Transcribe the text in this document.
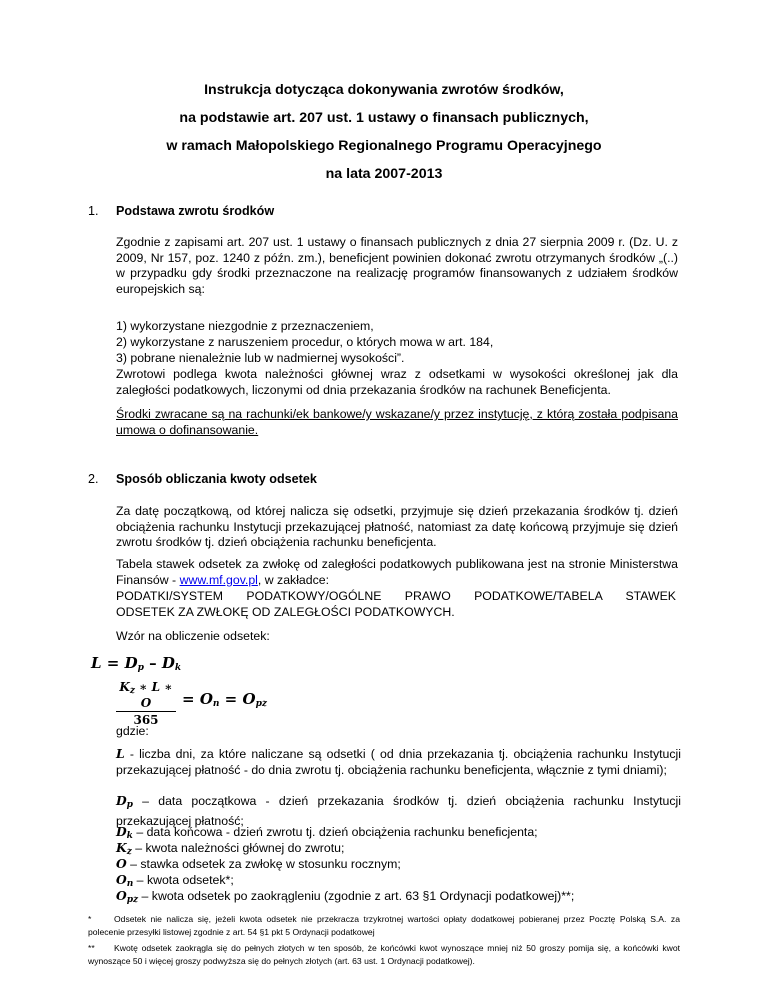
Instrukcja dotycząca dokonywania zwrotów środków,
na podstawie art. 207 ust. 1 ustawy o finansach publicznych,
w ramach Małopolskiego Regionalnego Programu Operacyjnego
na lata 2007-2013
1. Podstawa zwrotu środków

Zgodnie z zapisami art. 207 ust. 1 ustawy o finansach publicznych z dnia 27 sierpnia 2009 r. (Dz. U. z 2009, Nr 157, poz. 1240 z późn. zm.), beneficjent powinien dokonać zwrotu otrzymanych środków „(..) w przypadku gdy środki przeznaczone na realizację programów finansowanych z udziałem środków europejskich są:

1) wykorzystane niezgodnie z przeznaczeniem,
2) wykorzystane z naruszeniem procedur, o których mowa w art. 184,
3) pobrane nienależnie lub w nadmiernej wysokości”.

Zwrotowi podlega kwota należności głównej wraz z odsetkami w wysokości określonej jak dla zaległości podatkowych, liczonymi od dnia przekazania środków na rachunek Beneficjenta.

Środki zwracane są na rachunki/ek bankowe/y wskazane/y przez instytucję, z którą została podpisana umowa o dofinansowanie.

2. Sposób obliczania kwoty odsetek

Za datę początkową, od której nalicza się odsetki, przyjmuje się dzień przekazania środków tj. dzień obciążenia rachunku Instytucji przekazującej płatność, natomiast za datę końcową przyjmuje się dzień zwrotu środków tj. dzień obciążenia rachunku beneficjenta.

Tabela stawek odsetek za zwłokę od zaległości podatkowych publikowana jest na stronie Ministerstwa Finansów - www.mf.gov.pl, w zakładce:

PODATKI/SYSTEM PODATKOWY/OGÓLNE PRAWO PODATKOWE/TABELA STAWEK
ODSETEK ZA ZWŁOKĘ OD ZALEGŁOŚCI PODATKOWYCH.
Wzór na obliczenie odsetek:
$L = D_p - D_k$
$\frac{K_z ∗ L ∗ O}{365} = O_n = O_{pz}$
gdzie:

L - liczba dni, za które naliczane są odsetki ( od dnia przekazania tj. obciążenia rachunku Instytucji przekazującej płatność - do dnia zwrotu tj. obciążenia rachunku beneficjenta, włącznie z tymi dniami);

$D_p$ – data początkowa - dzień przekazania środków tj. dzień obciążenia rachunku Instytucji przekazującej płatność;

$D_k$ – data końcowa - dzień zwrotu tj. dzień obciążenia rachunku beneficjenta;
$K_z$ – kwota należności głównej do zwrotu;
O – stawka odsetek za zwłokę w stosunku rocznym;
$O_n$ – kwota odsetek*;
$O_{pz}$ – kwota odsetek po zaokrągleniu (zgodnie z art. 63 §1 Ordynacji podatkowej)**;

*	Odsetek nie nalicza się, jeżeli kwota odsetek nie przekracza trzykrotnej wartości opłaty dodatkowej pobieranej przez Pocztę Polską S.A. za polecenie przesyłki listowej zgodnie z art. 54 §1 pkt 5 Ordynacji podatkowej

** Kwotę odsetek zaokrągla się do pełnych złotych w ten sposób, że końcówki kwot wynoszące mniej niż 50 groszy pomija się, a końcówki kwot wynoszące 50 i więcej groszy podwyższa się do pełnych złotych (art. 63 ust. 1 Ordynacji podatkowej).
